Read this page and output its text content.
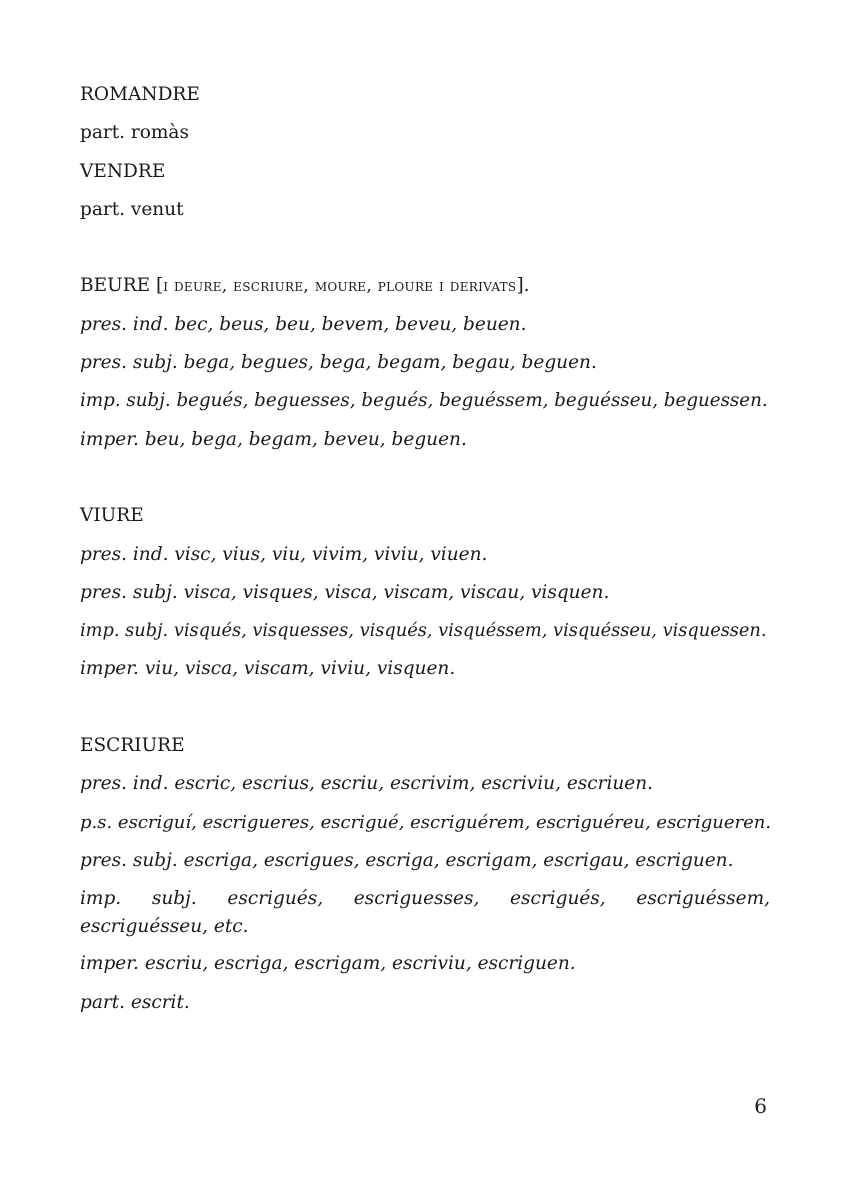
ROMANDRE
part. romàs
VENDRE
part. venut
BEURE [i deure, escriure, moure, ploure i derivats].
pres. ind. bec, beus, beu, bevem, beveu, beuen.
pres. subj. bega, begues, bega, begam, begau, beguen.
imp. subj. begués, beguesses, begués, beguéssem, beguésseu, beguessen.
imper. beu, bega, begam, beveu, beguen.
VIURE
pres. ind. visc, vius, viu, vivim, viviu, viuen.
pres. subj. visca, visques, visca, viscam, viscau, visquen.
imp. subj. visqués, visquesses, visqués, visquéssem, visquésseu, visquessen.
imper. viu, visca, viscam, viviu, visquen.
ESCRIURE
pres. ind. escric, escrius, escriu, escrivim, escriviu, escriuen.
p.s. escriguí, escrigueres, escrigué, escriguérem, escriguéreu, escrigueren.
pres. subj. escriga, escrigues, escriga, escrigam, escrigau, escriguen.
imp. subj. escrigués, escriguesses, escrigués, escriguéssem, escriguésseu, etc.
imper. escriu, escriga, escrigam, escriviu, escriguen.
part. escrit.
6
